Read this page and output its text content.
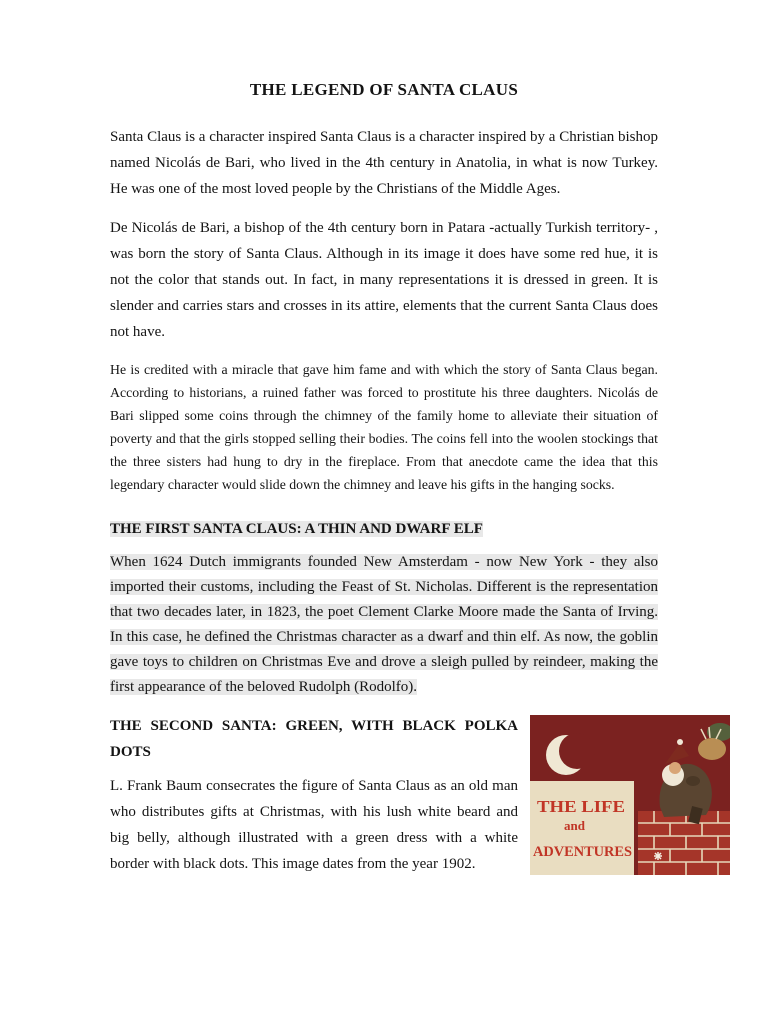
THE LEGEND OF SANTA CLAUS

Santa Claus is a character inspired Santa Claus is a character inspired by a Christian bishop named Nicolás de Bari, who lived in the 4th century in Anatolia, in what is now Turkey. He was one of the most loved people by the Christians of the Middle Ages.

De Nicolás de Bari, a bishop of the 4th century born in Patara -actually Turkish territory- , was born the story of Santa Claus. Although in its image it does have some red hue, it is not the color that stands out. In fact, in many representations it is dressed in green. It is slender and carries stars and crosses in its attire, elements that the current Santa Claus does not have.

He is credited with a miracle that gave him fame and with which the story of Santa Claus began. According to historians, a ruined father was forced to prostitute his three daughters. Nicolás de Bari slipped some coins through the chimney of the family home to alleviate their situation of poverty and that the girls stopped selling their bodies. The coins fell into the woolen stockings that the three sisters had hung to dry in the fireplace. From that anecdote came the idea that this legendary character would slide down the chimney and leave his gifts in the hanging socks.

THE FIRST SANTA CLAUS: A THIN AND DWARF ELF

When 1624 Dutch immigrants founded New Amsterdam - now New York - they also imported their customs, including the Feast of St. Nicholas. Different is the representation that two decades later, in 1823, the poet Clement Clarke Moore made the Santa of Irving. In this case, he defined the Christmas character as a dwarf and thin elf. As now, the goblin gave toys to children on Christmas Eve and drove a sleigh pulled by reindeer, making the first appearance of the beloved Rudolph (Rodolfo).

THE LIFE
and
ADVENTURES
THE SECOND SANTA: GREEN, WITH BLACK POLKA DOTS

L. Frank Baum consecrates the figure of Santa Claus as an old man who distributes gifts at Christmas, with his lush white beard and big belly, although illustrated with a green dress with a white border with black dots. This image dates from the year 1902.
